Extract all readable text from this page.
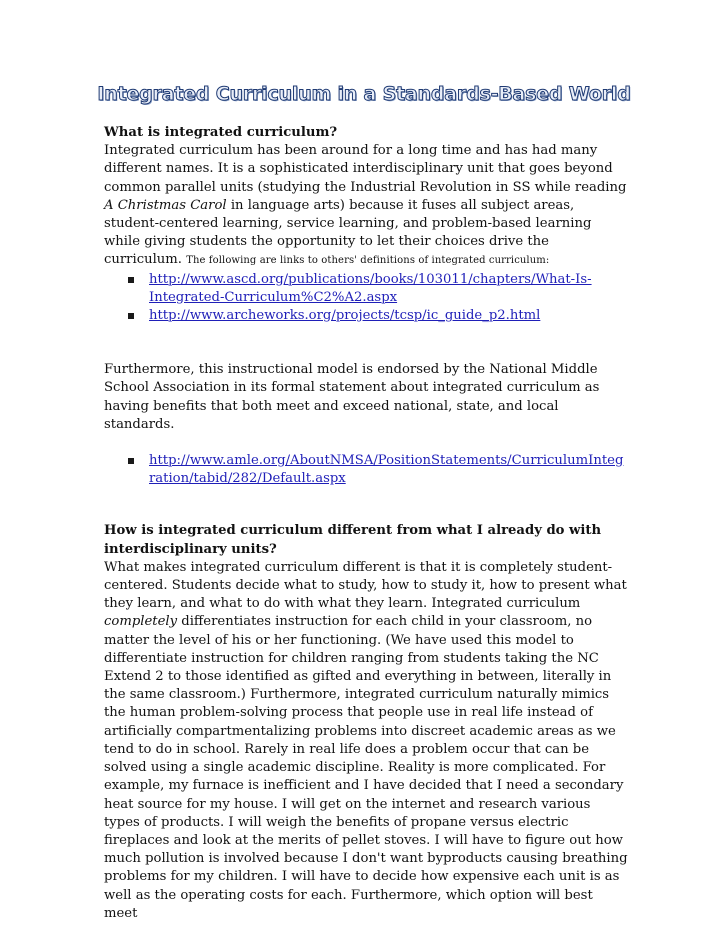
Integrated Curriculum in a Standards-Based World

What is integrated curriculum?

Integrated curriculum has been around for a long time and has had many different names. It is a sophisticated interdisciplinary unit that goes beyond common parallel units (studying the Industrial Revolution in SS while reading A Christmas Carol in language arts) because it fuses all subject areas, student-centered learning, service learning, and problem-based learning while giving students the opportunity to let their choices drive the curriculum. The following are links to others' definitions of integrated curriculum:

http://www.ascd.org/publications/books/103011/chapters/What-Is-Integrated-Curriculum%C2%A2.aspx
http://www.archeworks.org/projects/tcsp/ic_guide_p2.html

Furthermore, this instructional model is endorsed by the National Middle School Association in its formal statement about integrated curriculum as having benefits that both meet and exceed national, state, and local standards.

http://www.amle.org/AboutNMSA/PositionStatements/CurriculumIntegration/tabid/282/Default.aspx

How is integrated curriculum different from what I already do with interdisciplinary units?

What makes integrated curriculum different is that it is completely student-centered. Students decide what to study, how to study it, how to present what they learn, and what to do with what they learn. Integrated curriculum completely differentiates instruction for each child in your classroom, no matter the level of his or her functioning. (We have used this model to differentiate instruction for children ranging from students taking the NC Extend 2 to those identified as gifted and everything in between, literally in the same classroom.) Furthermore, integrated curriculum naturally mimics the human problem-solving process that people use in real life instead of artificially compartmentalizing problems into discreet academic areas as we tend to do in school. Rarely in real life does a problem occur that can be solved using a single academic discipline. Reality is more complicated. For example, my furnace is inefficient and I have decided that I need a secondary heat source for my house. I will get on the internet and research various types of products. I will weigh the benefits of propane versus electric fireplaces and look at the merits of pellet stoves. I will have to figure out how much pollution is involved because I don't want byproducts causing breathing problems for my children. I will have to decide how expensive each unit is as well as the operating costs for each. Furthermore, which option will best meet
